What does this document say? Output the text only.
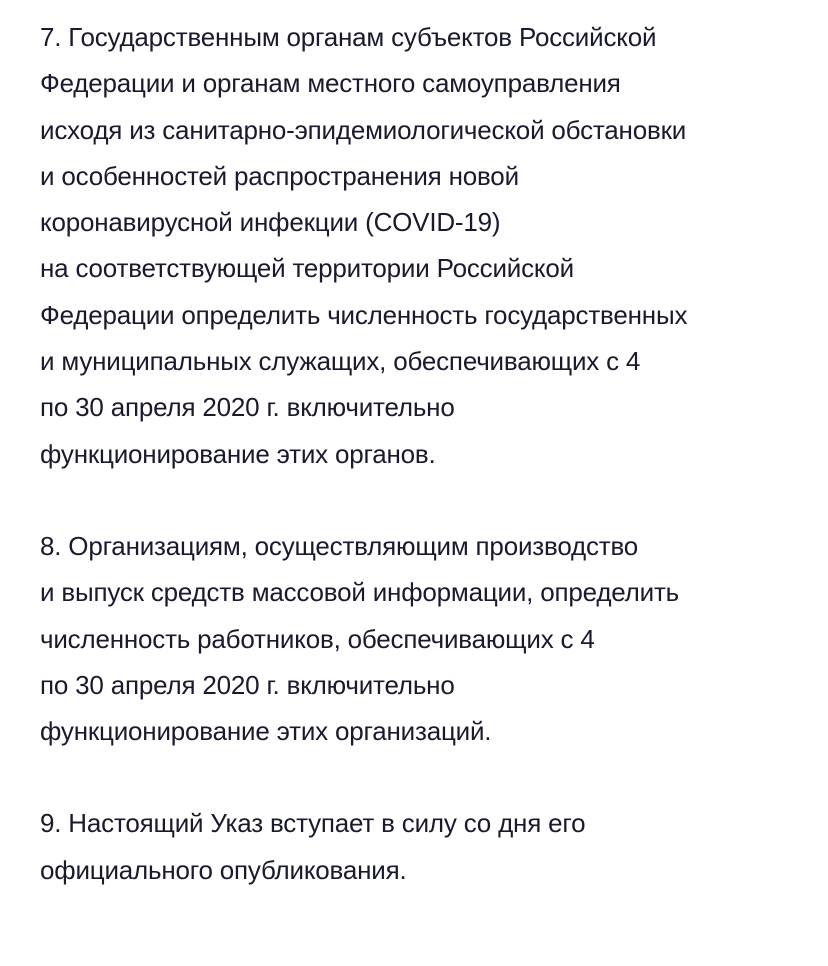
7. Государственным органам субъектов Российской
Федерации и органам местного самоуправления
исходя из санитарно-эпидемиологической обстановки
и особенностей распространения новой
коронавирусной инфекции (COVID-19)
на соответствующей территории Российской
Федерации определить численность государственных
и муниципальных служащих, обеспечивающих с 4
по 30 апреля 2020 г. включительно
функционирование этих органов.
8. Организациям, осуществляющим производство
и выпуск средств массовой информации, определить
численность работников, обеспечивающих с 4
по 30 апреля 2020 г. включительно
функционирование этих организаций.
9. Настоящий Указ вступает в силу со дня его
официального опубликования.
